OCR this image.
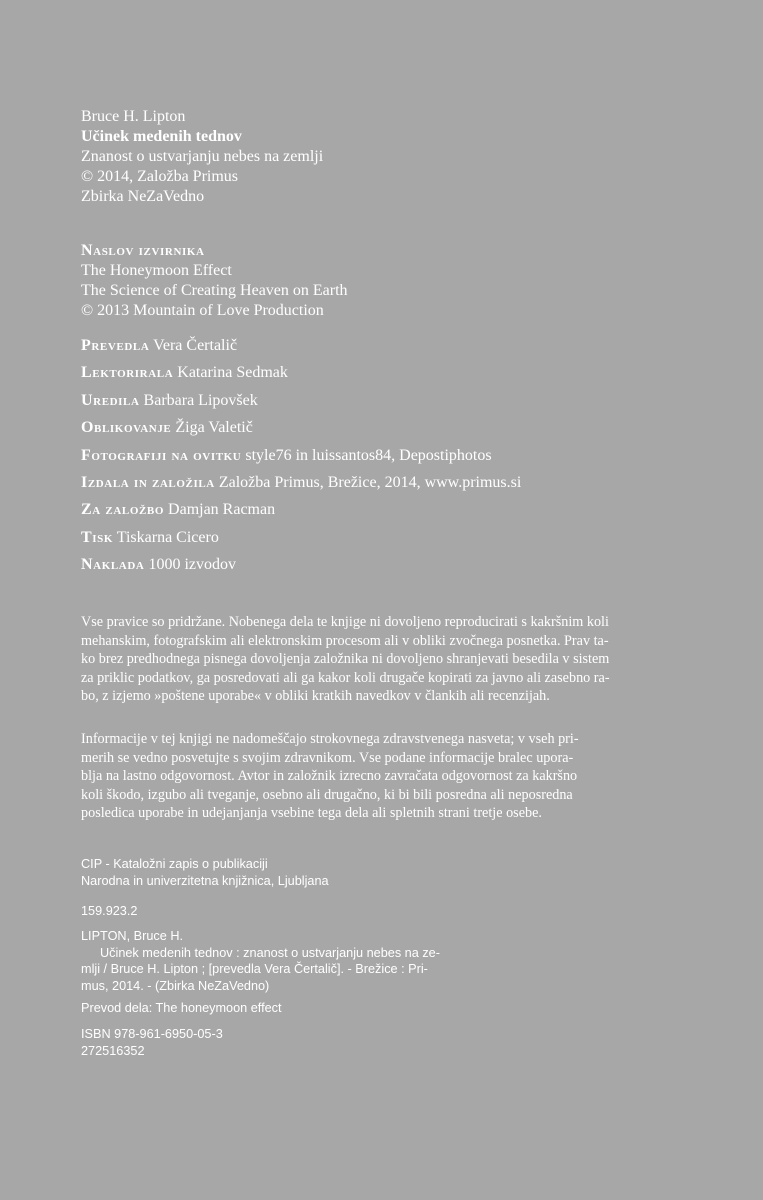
Bruce H. Lipton
Učinek medenih tednov
Znanost o ustvarjanju nebes na zemlji
© 2014, Založba Primus
Zbirka NeZaVedno
Naslov izvirnika
The Honeymoon Effect
The Science of Creating Heaven on Earth
© 2013 Mountain of Love Production
Prevedla Vera Čertalič
Lektorirala Katarina Sedmak
Uredila Barbara Lipovšek
Oblikovanje Žiga Valetič
Fotografiji na ovitku style76 in luissantos84, Depostiphotos
Izdala in založila Založba Primus, Brežice, 2014, www.primus.si
Za založbo Damjan Racman
Tisk Tiskarna Cicero
Naklada 1000 izvodov
Vse pravice so pridržane. Nobenega dela te knjige ni dovoljeno reproducirati s kakršnim koli
mehanskim, fotografskim ali elektronskim procesom ali v obliki zvočnega posnetka. Prav ta-
ko brez predhodnega pisnega dovoljenja založnika ni dovoljeno shranjevati besedila v sistem
za priklic podatkov, ga posredovati ali ga kakor koli drugače kopirati za javno ali zasebno ra-
bo, z izjemo »poštene uporabe« v obliki kratkih navedkov v člankih ali recenzijah.
Informacije v tej knjigi ne nadomeščajo strokovnega zdravstvenega nasveta; v vseh pri-
merih se vedno posvetujte s svojim zdravnikom. Vse podane informacije bralec upora-
blja na lastno odgovornost. Avtor in založnik izrecno zavračata odgovornost za kakršno
koli škodo, izgubo ali tveganje, osebno ali drugačno, ki bi bili posredna ali neposredna
posledica uporabe in udejanjanja vsebine tega dela ali spletnih strani tretje osebe.
CIP - Kataložni zapis o publikaciji
Narodna in univerzitetna knjižnica, Ljubljana
159.923.2
LIPTON, Bruce H.
Učinek medenih tednov : znanost o ustvarjanju nebes na ze-
mlji / Bruce H. Lipton ; [prevedla Vera Čertalič]. - Brežice : Pri-
mus, 2014. - (Zbirka NeZaVedno)
Prevod dela: The honeymoon effect
ISBN 978-961-6950-05-3
272516352
